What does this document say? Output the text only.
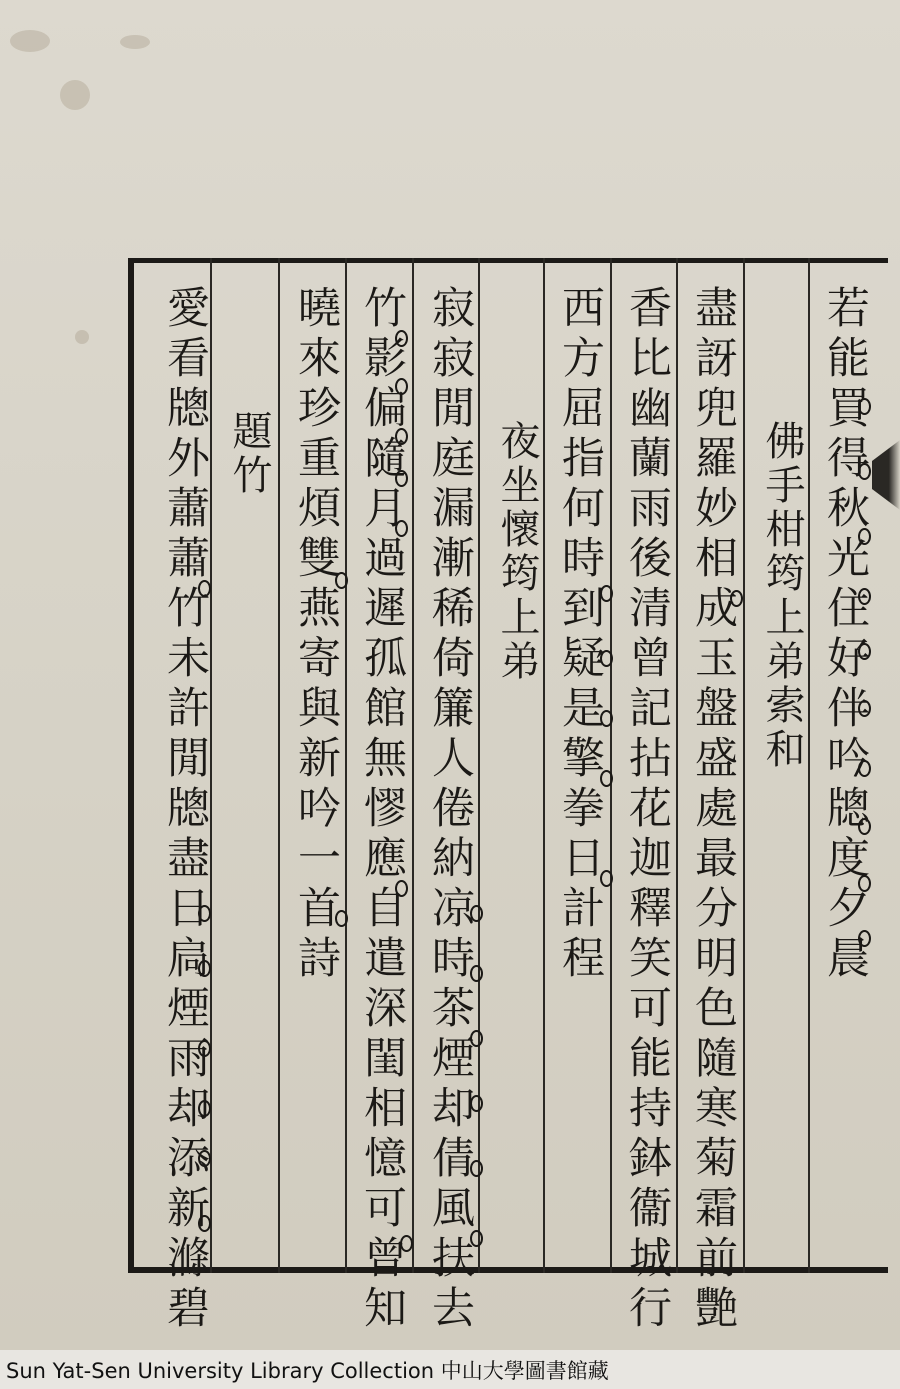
若能買得秋光住好伴吟牕度夕晨
佛手柑筠上弟索和
盡訝兜羅妙相成玉盤盛處最分明色隨寒菊霜前艷
香比幽蘭雨後清曾記拈花迦釋笑可能持鉢衞城行
西方屈指何時到疑是擎拳日計程
夜坐懷筠上弟
寂寂閒庭漏漸稀倚簾人倦納凉時茶煙却倩風扶去
竹影偏隨月過遲孤館無憀應自遣深閨相憶可曾知
曉來珍重煩雙燕寄與新吟一首詩
題竹
愛看牕外蕭蕭竹未許閒牕盡日扃煙雨却添新滌碧
Sun Yat-Sen University Library Collection 中山大學圖書館藏
